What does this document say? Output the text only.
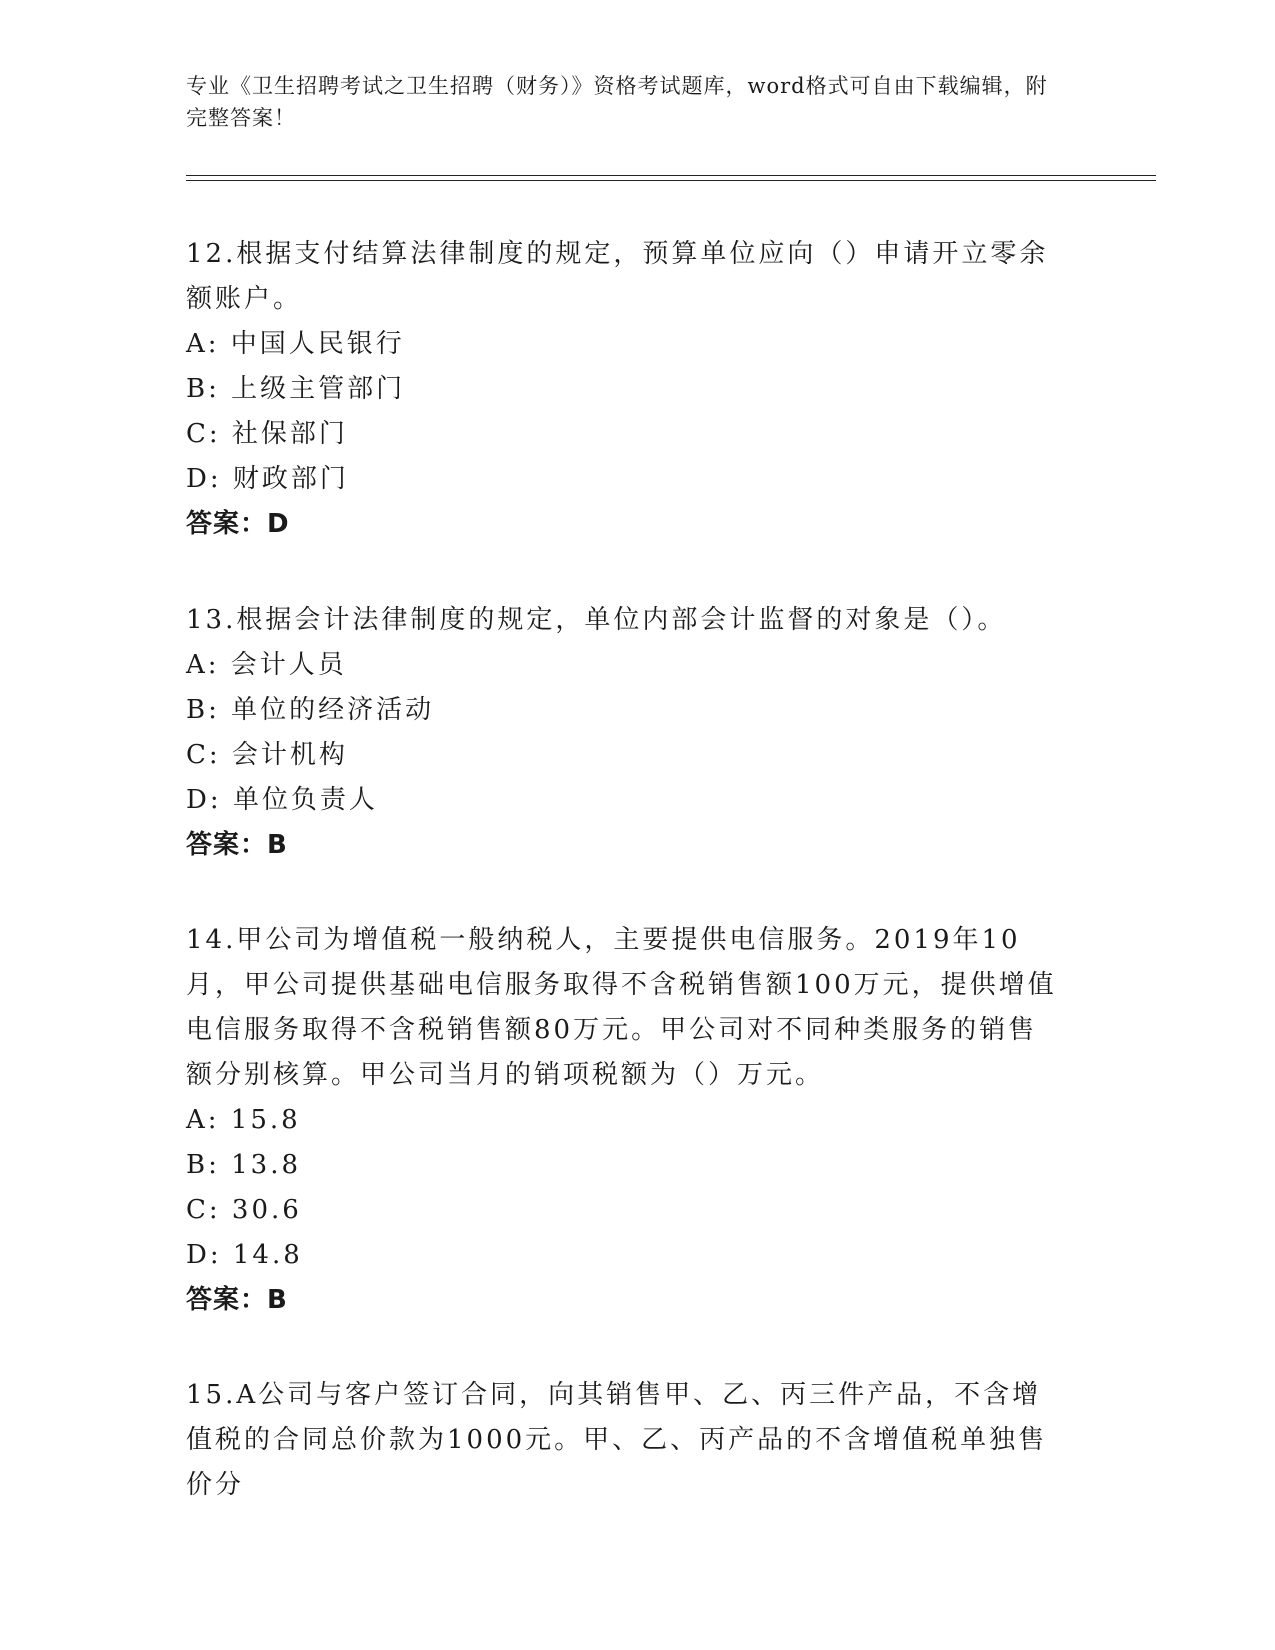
专业《卫生招聘考试之卫生招聘（财务）》资格考试题库，word格式可自由下载编辑，附完整答案！

12.根据支付结算法律制度的规定，预算单位应向（）申请开立零余额账户。

A: 中国人民银行

B: 上级主管部门

C: 社保部门

D: 财政部门

答案：D

13.根据会计法律制度的规定，单位内部会计监督的对象是（）。

A: 会计人员

B: 单位的经济活动

C: 会计机构

D: 单位负责人

答案：B

14.甲公司为增值税一般纳税人，主要提供电信服务。2019年10月，甲公司提供基础电信服务取得不含税销售额100万元，提供增值电信服务取得不含税销售额80万元。甲公司对不同种类服务的销售额分别核算。甲公司当月的销项税额为（）万元。

A: 15.8

B: 13.8

C: 30.6

D: 14.8

答案：B

15.A公司与客户签订合同，向其销售甲、乙、丙三件产品，不含增值税的合同总价款为1000元。甲、乙、丙产品的不含增值税单独售价分
